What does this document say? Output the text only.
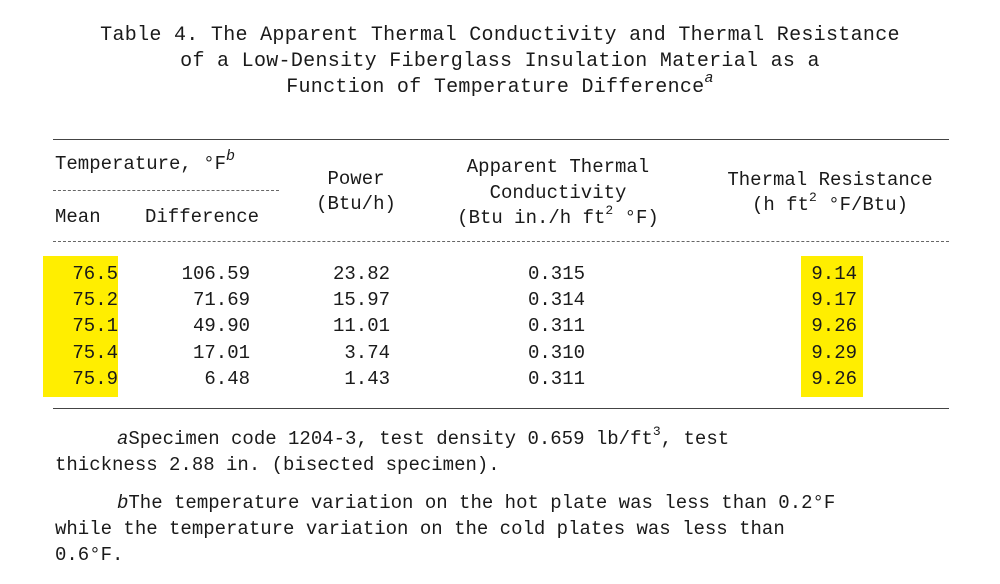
Table 4. The Apparent Thermal Conductivity and Thermal Resistance
of a Low-Density Fiberglass Insulation Material as a
Function of Temperature Difference$^a$
Temperature, $^\circ F^b$
Mean Difference
Power
(Btu/h)
Apparent Thermal
Conductivity
(Btu in./h $ft^2$ °F)
Thermal Resistance
(h $ft^2$ °F/Btu)
76.5	106.59	23.82	0.315	9.14
75.2	71.69	15.97	0.314	9.17
75.1	49.90	11.01	0.311	9.26
75.4	17.01	3.74	0.310	9.29
75.9	6.48	1.43	0.311	9.26
aSpecimen code 1204-3, test density 0.659 $lb/ft^3$, test
thickness 2.88 in. (bisected specimen).
bThe temperature variation on the hot plate was less than 0.2°F
while the temperature variation on the cold plates was less than
0.6°F.
